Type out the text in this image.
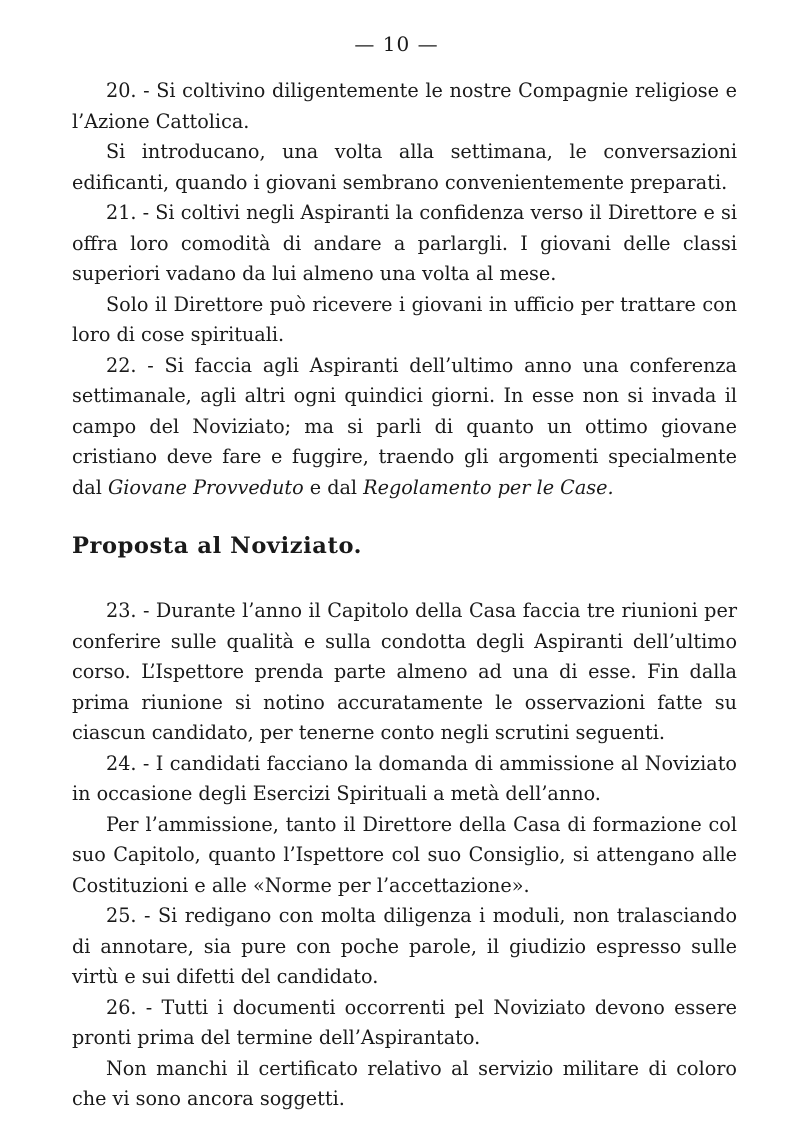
— 10 —

20. - Si coltivino diligentemente le nostre Compagnie religiose e l’Azione Cattolica.

Si introducano, una volta alla settimana, le conversazioni edificanti, quando i giovani sembrano convenientemente preparati.

21. - Si coltivi negli Aspiranti la confidenza verso il Direttore e si offra loro comodità di andare a parlargli. I giovani delle classi superiori vadano da lui almeno una volta al mese.

Solo il Direttore può ricevere i giovani in ufficio per trattare con loro di cose spirituali.

22. - Si faccia agli Aspiranti dell’ultimo anno una conferenza settimanale, agli altri ogni quindici giorni. In esse non si invada il campo del Noviziato; ma si parli di quanto un ottimo giovane cristiano deve fare e fuggire, traendo gli argomenti specialmente dal Giovane Provveduto e dal Regolamento per le Case.

Proposta al Noviziato.

23. - Durante l’anno il Capitolo della Casa faccia tre riunioni per conferire sulle qualità e sulla condotta degli Aspiranti dell’ultimo corso. L’Ispettore prenda parte almeno ad una di esse. Fin dalla prima riunione si notino accuratamente le osservazioni fatte su ciascun candidato, per tenerne conto negli scrutini seguenti.

24. - I candidati facciano la domanda di ammissione al Noviziato in occasione degli Esercizi Spirituali a metà dell’anno.

Per l’ammissione, tanto il Direttore della Casa di formazione col suo Capitolo, quanto l’Ispettore col suo Consiglio, si attengano alle Costituzioni e alle «Norme per l’accettazione».

25. - Si redigano con molta diligenza i moduli, non tralasciando di annotare, sia pure con poche parole, il giudizio espresso sulle virtù e sui difetti del candidato.

26. - Tutti i documenti occorrenti pel Noviziato devono essere pronti prima del termine dell’Aspirantato.

Non manchi il certificato relativo al servizio militare di coloro che vi sono ancora soggetti.
